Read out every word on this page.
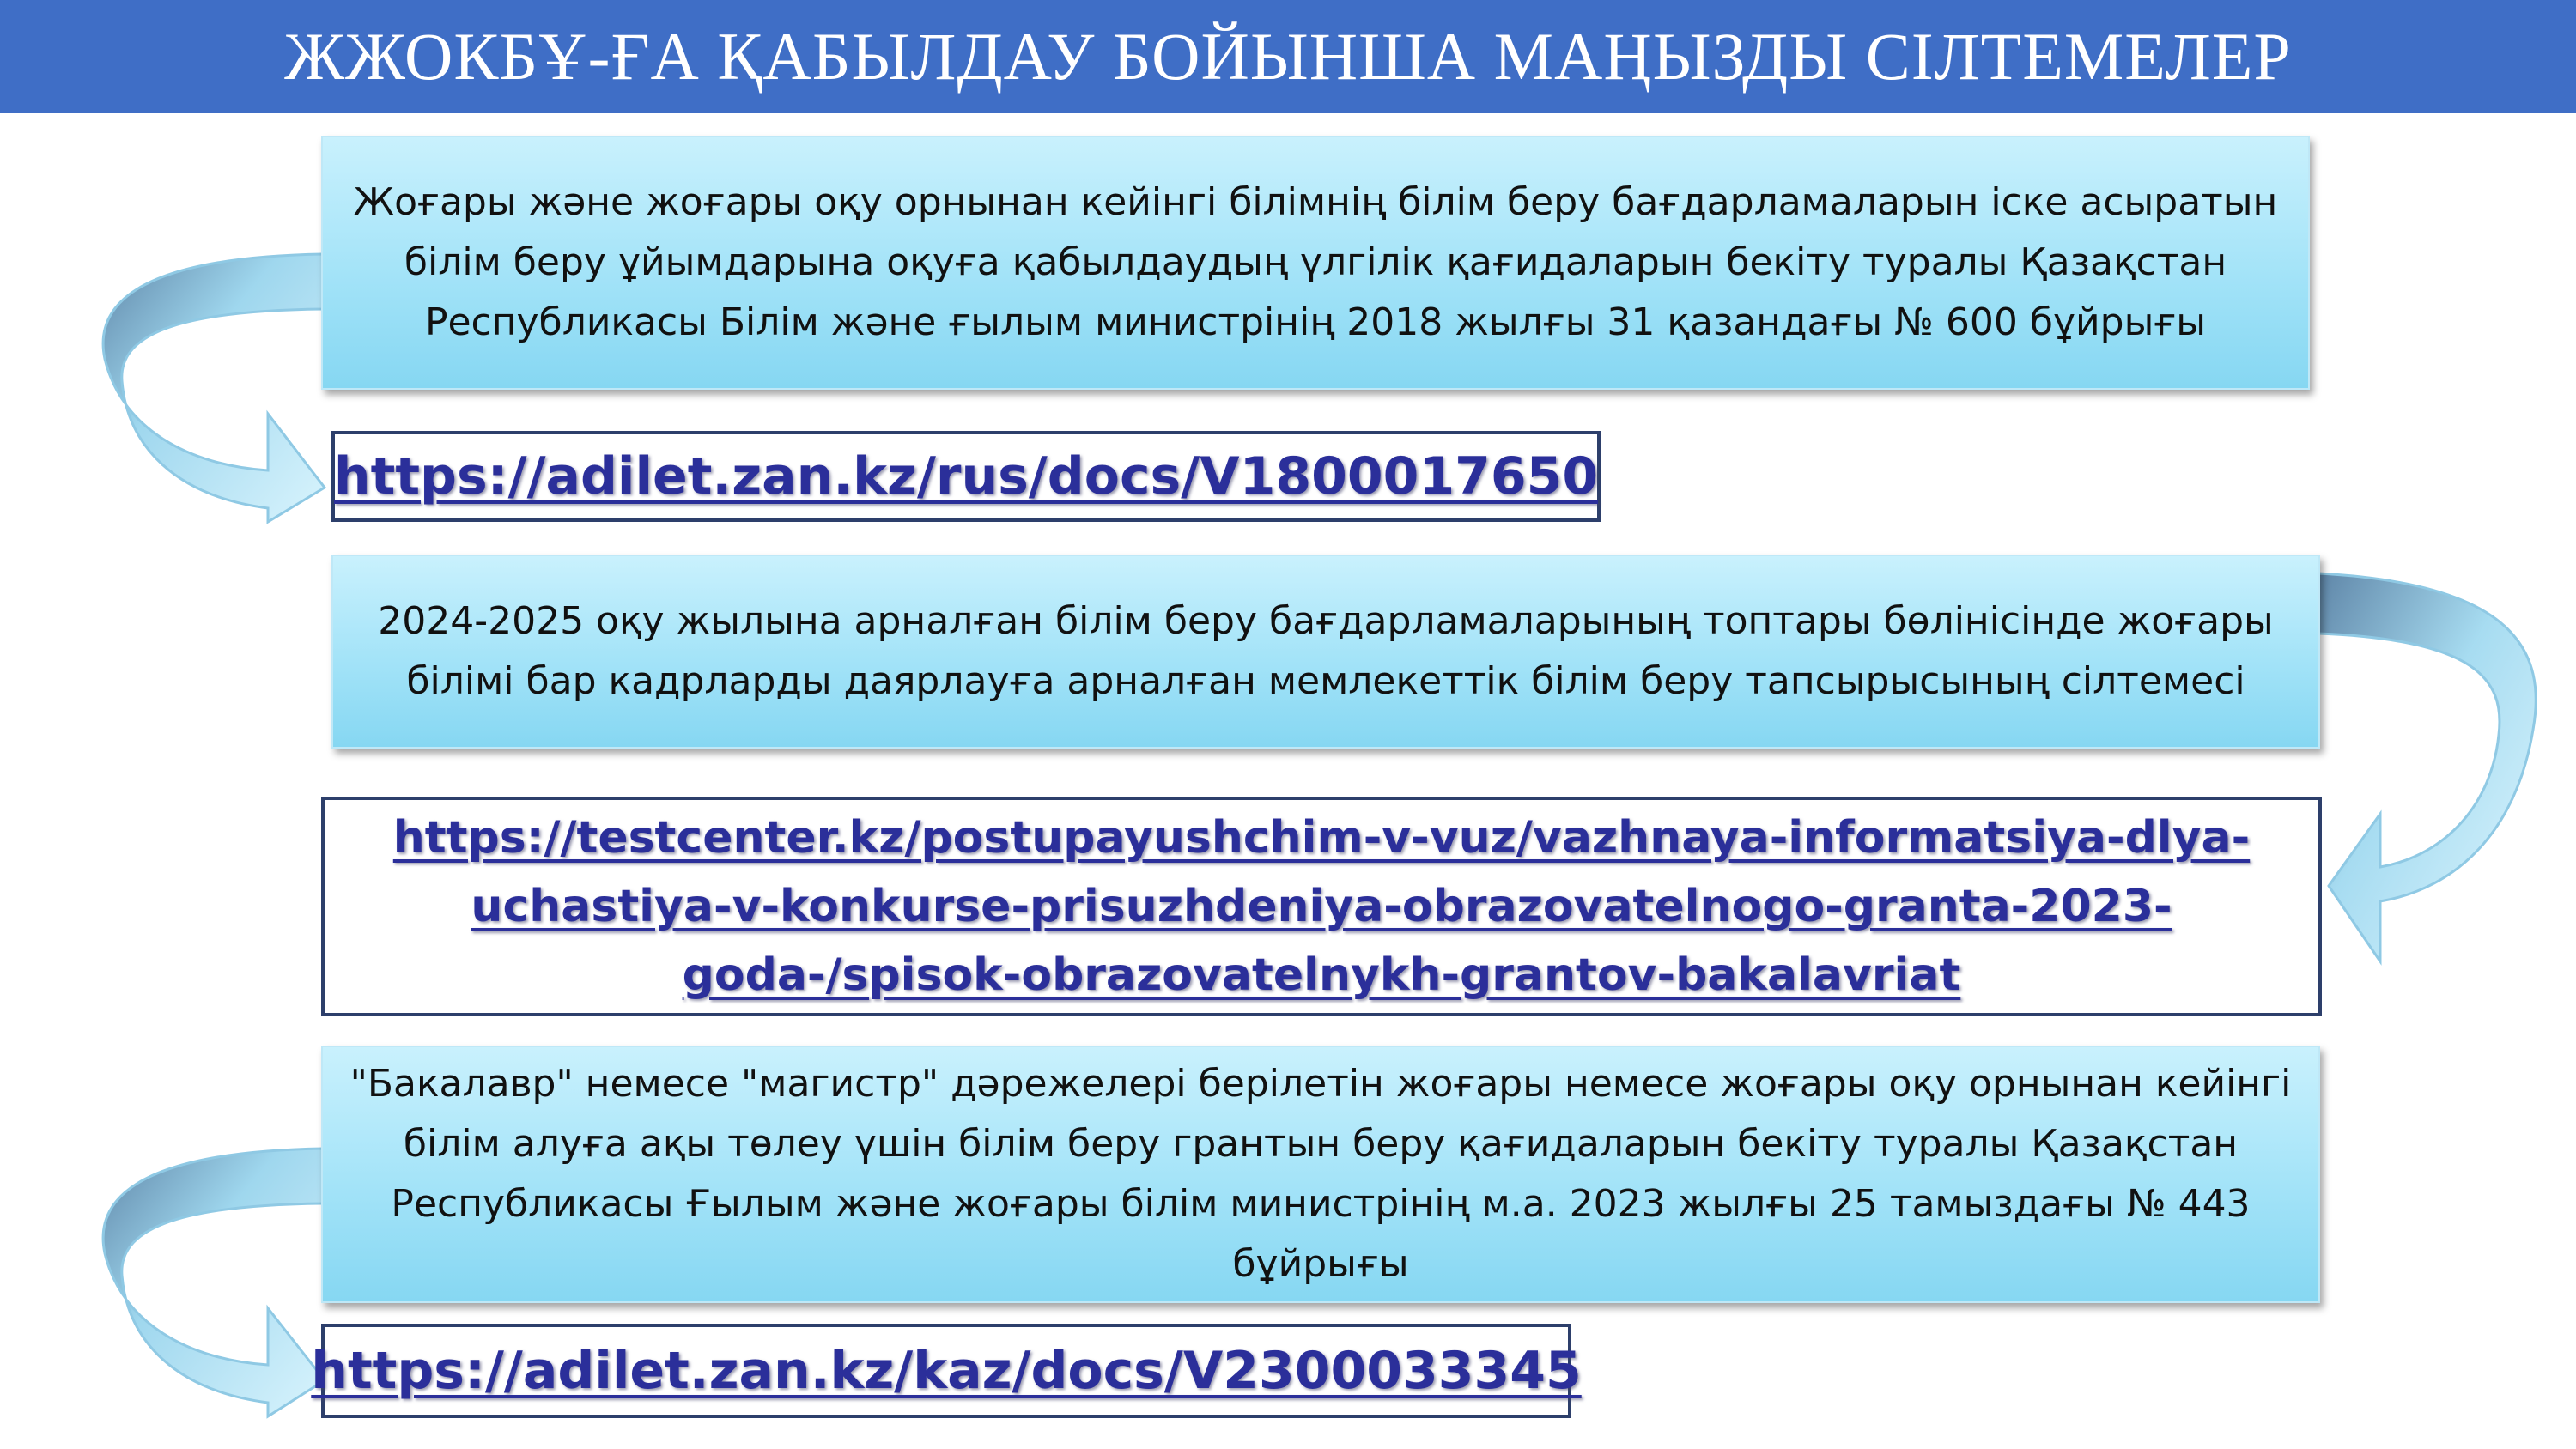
ЖЖОКБҰ-ҒА ҚАБЫЛДАУ БОЙЫНША МАҢЫЗДЫ СІЛТЕМЕЛЕР
Жоғары және жоғары оқу орнынан кейінгі білімнің білім беру бағдарламаларын іске асыратын білім беру ұйымдарына оқуға қабылдаудың үлгілік қағидаларын бекіту туралы Қазақстан Республикасы Білім және ғылым министрінің 2018 жылғы 31 қазандағы № 600 бұйрығы
https://adilet.zan.kz/rus/docs/V1800017650
2024-2025 оқу жылына арналған білім беру бағдарламаларының топтары бөлінісінде жоғары білімі бар кадрларды даярлауға арналған мемлекеттік білім беру тапсырысының сілтемесі
https://testcenter.kz/postupayushchim-v-vuz/vazhnaya-informatsiya-dlya-uchastiya-v-konkurse-prisuzhdeniya-obrazovatelnogo-granta-2023-goda-/spisok-obrazovatelnykh-grantov-bakalavriat
"Бакалавр" немесе "магистр" дәрежелері берілетін жоғары немесе жоғары оқу орнынан кейінгі білім алуға ақы төлеу үшін білім беру грантын беру қағидаларын бекіту туралы Қазақстан Республикасы Ғылым және жоғары білім министрінің м.а. 2023 жылғы 25 тамыздағы № 443 бұйрығы
https://adilet.zan.kz/kaz/docs/V2300033345
